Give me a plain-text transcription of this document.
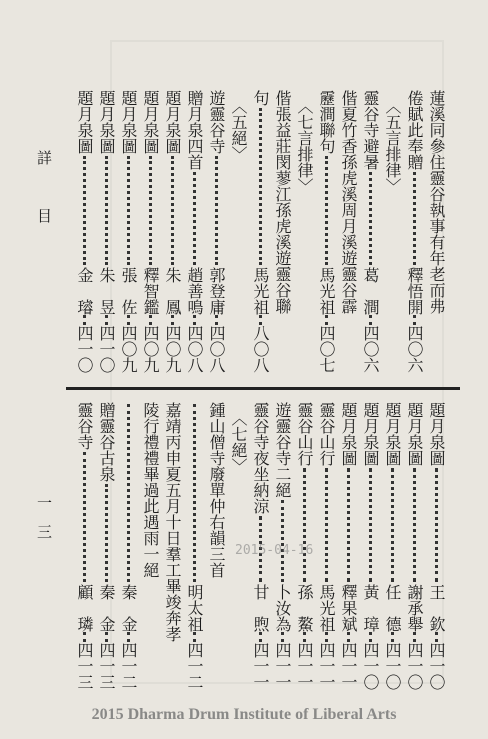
詳　目
一三
蓮溪同參住靈谷執事有年老而弗
倦賦此奉贈釋悟開四〇六
〈五言排律〉
靈谷寺避暑葛　澗四〇六
偕夏竹香孫虎溪周月溪遊靈谷霹
靂澗聯句馬光祖四〇七
〈七言排律〉
偕張益莊閔蓼江孫虎溪遊靈谷聯
句馬光祖八〇八
〈五絕〉
遊靈谷寺郭登庸四〇八
贈月泉四首趙善鳴四〇八
題月泉圖朱　鳳四〇九
題月泉圖釋智鑑四〇九
題月泉圖張　佐四〇九
題月泉圖朱　昱四一〇
題月泉圖金　璿四一〇
題月泉圖王　欽四一〇
題月泉圖謝承舉四一〇
題月泉圖任　德四一〇
題月泉圖黃　璋四一〇
題月泉圖釋果斌四一一
靈谷山行馬光祖四一一
靈谷山行孫　鰲四一一
遊靈谷寺二絕卜汝為四一一
靈谷寺夜坐納涼甘　煦四一一
〈七絕〉
鍾山僧寺廢單仲右韻三首
明太祖四一二
嘉靖丙申夏五月十日羣工畢竣奔孝
陵行禮禮畢過此遇雨一絕
秦　金四一二
贈靈谷古泉秦　金四一三
靈谷寺顧　璘四一三
2015-04-16
2015 Dharma Drum Institute of Liberal Arts
